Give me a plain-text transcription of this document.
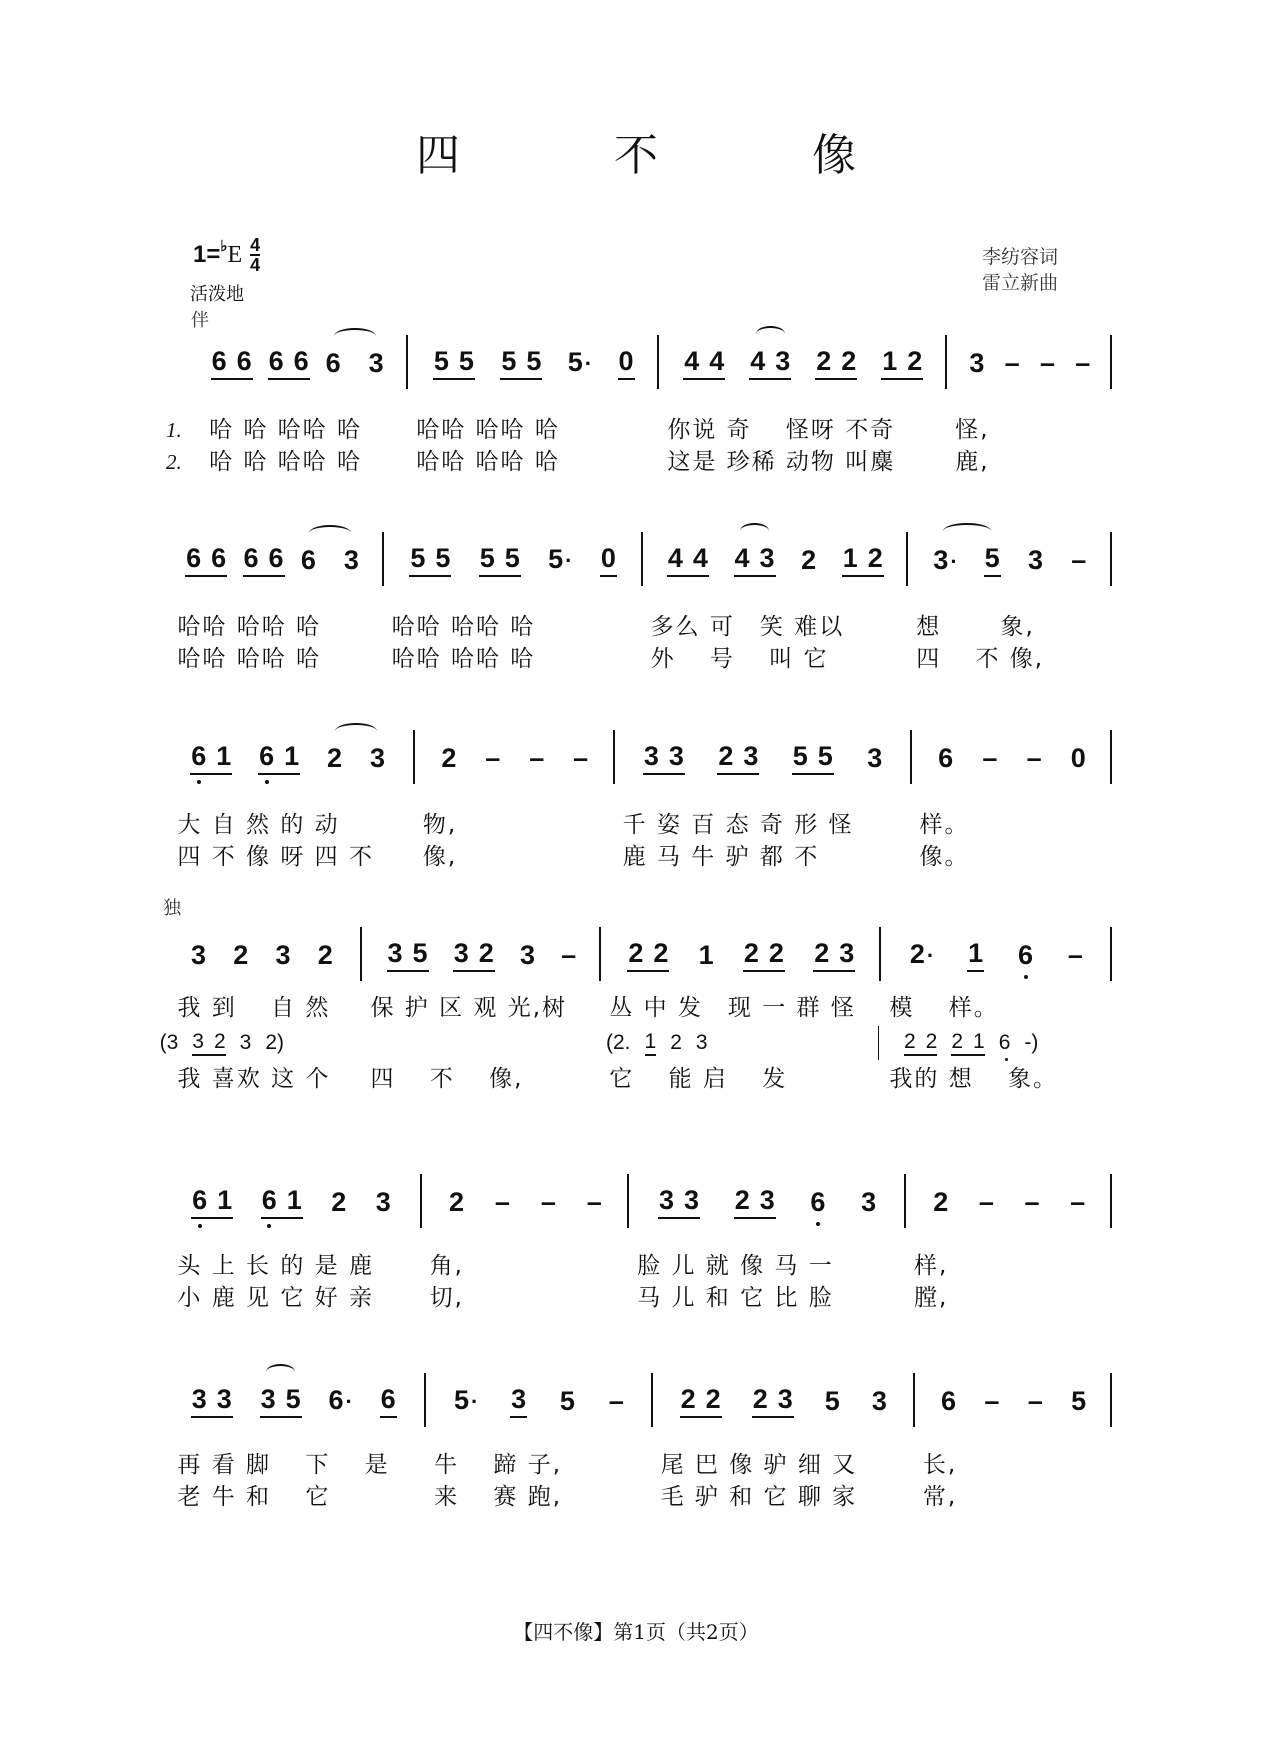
四 不 像
1=♭E 4
4
活泼地
李纺容词
雷立新曲
伴
独
6 6 6 6 6 3 5 5 5 5 5· 0 4 4 4 3 2 2 1 2 3 – – –
1. 哈 哈 哈哈 哈 哈哈 哈哈 哈	你说 奇　 怪呀 不奇	怪,
2. 哈 哈 哈哈 哈 哈哈 哈哈 哈	这是 珍稀 动物 叫麋	鹿,
6 6 6 6 6 3 5 5 5 5 5· 0 4 4 4 3 2 1 2 3· 5 3 –
哈哈 哈哈 哈	哈哈 哈哈 哈	多么 可　笑 难以	想　　 象,
哈哈 哈哈 哈	哈哈 哈哈 哈	外　 号　 叫 它	四　 不 像,
6 1 6 1 2 3 2 – – – 3 3 2 3 5 5 3 6 – – 0
大 自 然 的 动	物,	千 姿 百 态 奇 形 怪	样。
四 不 像 呀 四 不 像,	鹿 马 牛 驴 都 不	像。
3 2 3 2 3 5 3 2 3 – 2 2 1 2 2 2 3 2· 1 6 –
我 到　 自 然 保 护 区 观 光,树 丛 中 发　现 一 群 怪 模　 样。
我 喜欢 这 个 四　 不　 像,	它　 能 启　 发	我的 想　 象。
(3 3 2 3 2)	(2. 1 2 3	2 2 2 1 6 -)
6 1 6 1 2 3 2 – – – 3 3 2 3 6 3 2 – – –
头 上 长 的 是 鹿 角,	脸 儿 就 像 马 一	样,
小 鹿 见 它 好 亲 切,	马 儿 和 它 比 脸	膛,
3 3 3 5 6· 6 5· 3 5 – 2 2 2 3 5 3 6 – – 5
再 看 脚　 下　 是 牛　 蹄 子,	尾 巴 像 驴 细 又	长,
老 牛 和　 它	来　 赛 跑,	毛 驴 和 它 聊 家	常,
【四不像】第1页（共2页）
